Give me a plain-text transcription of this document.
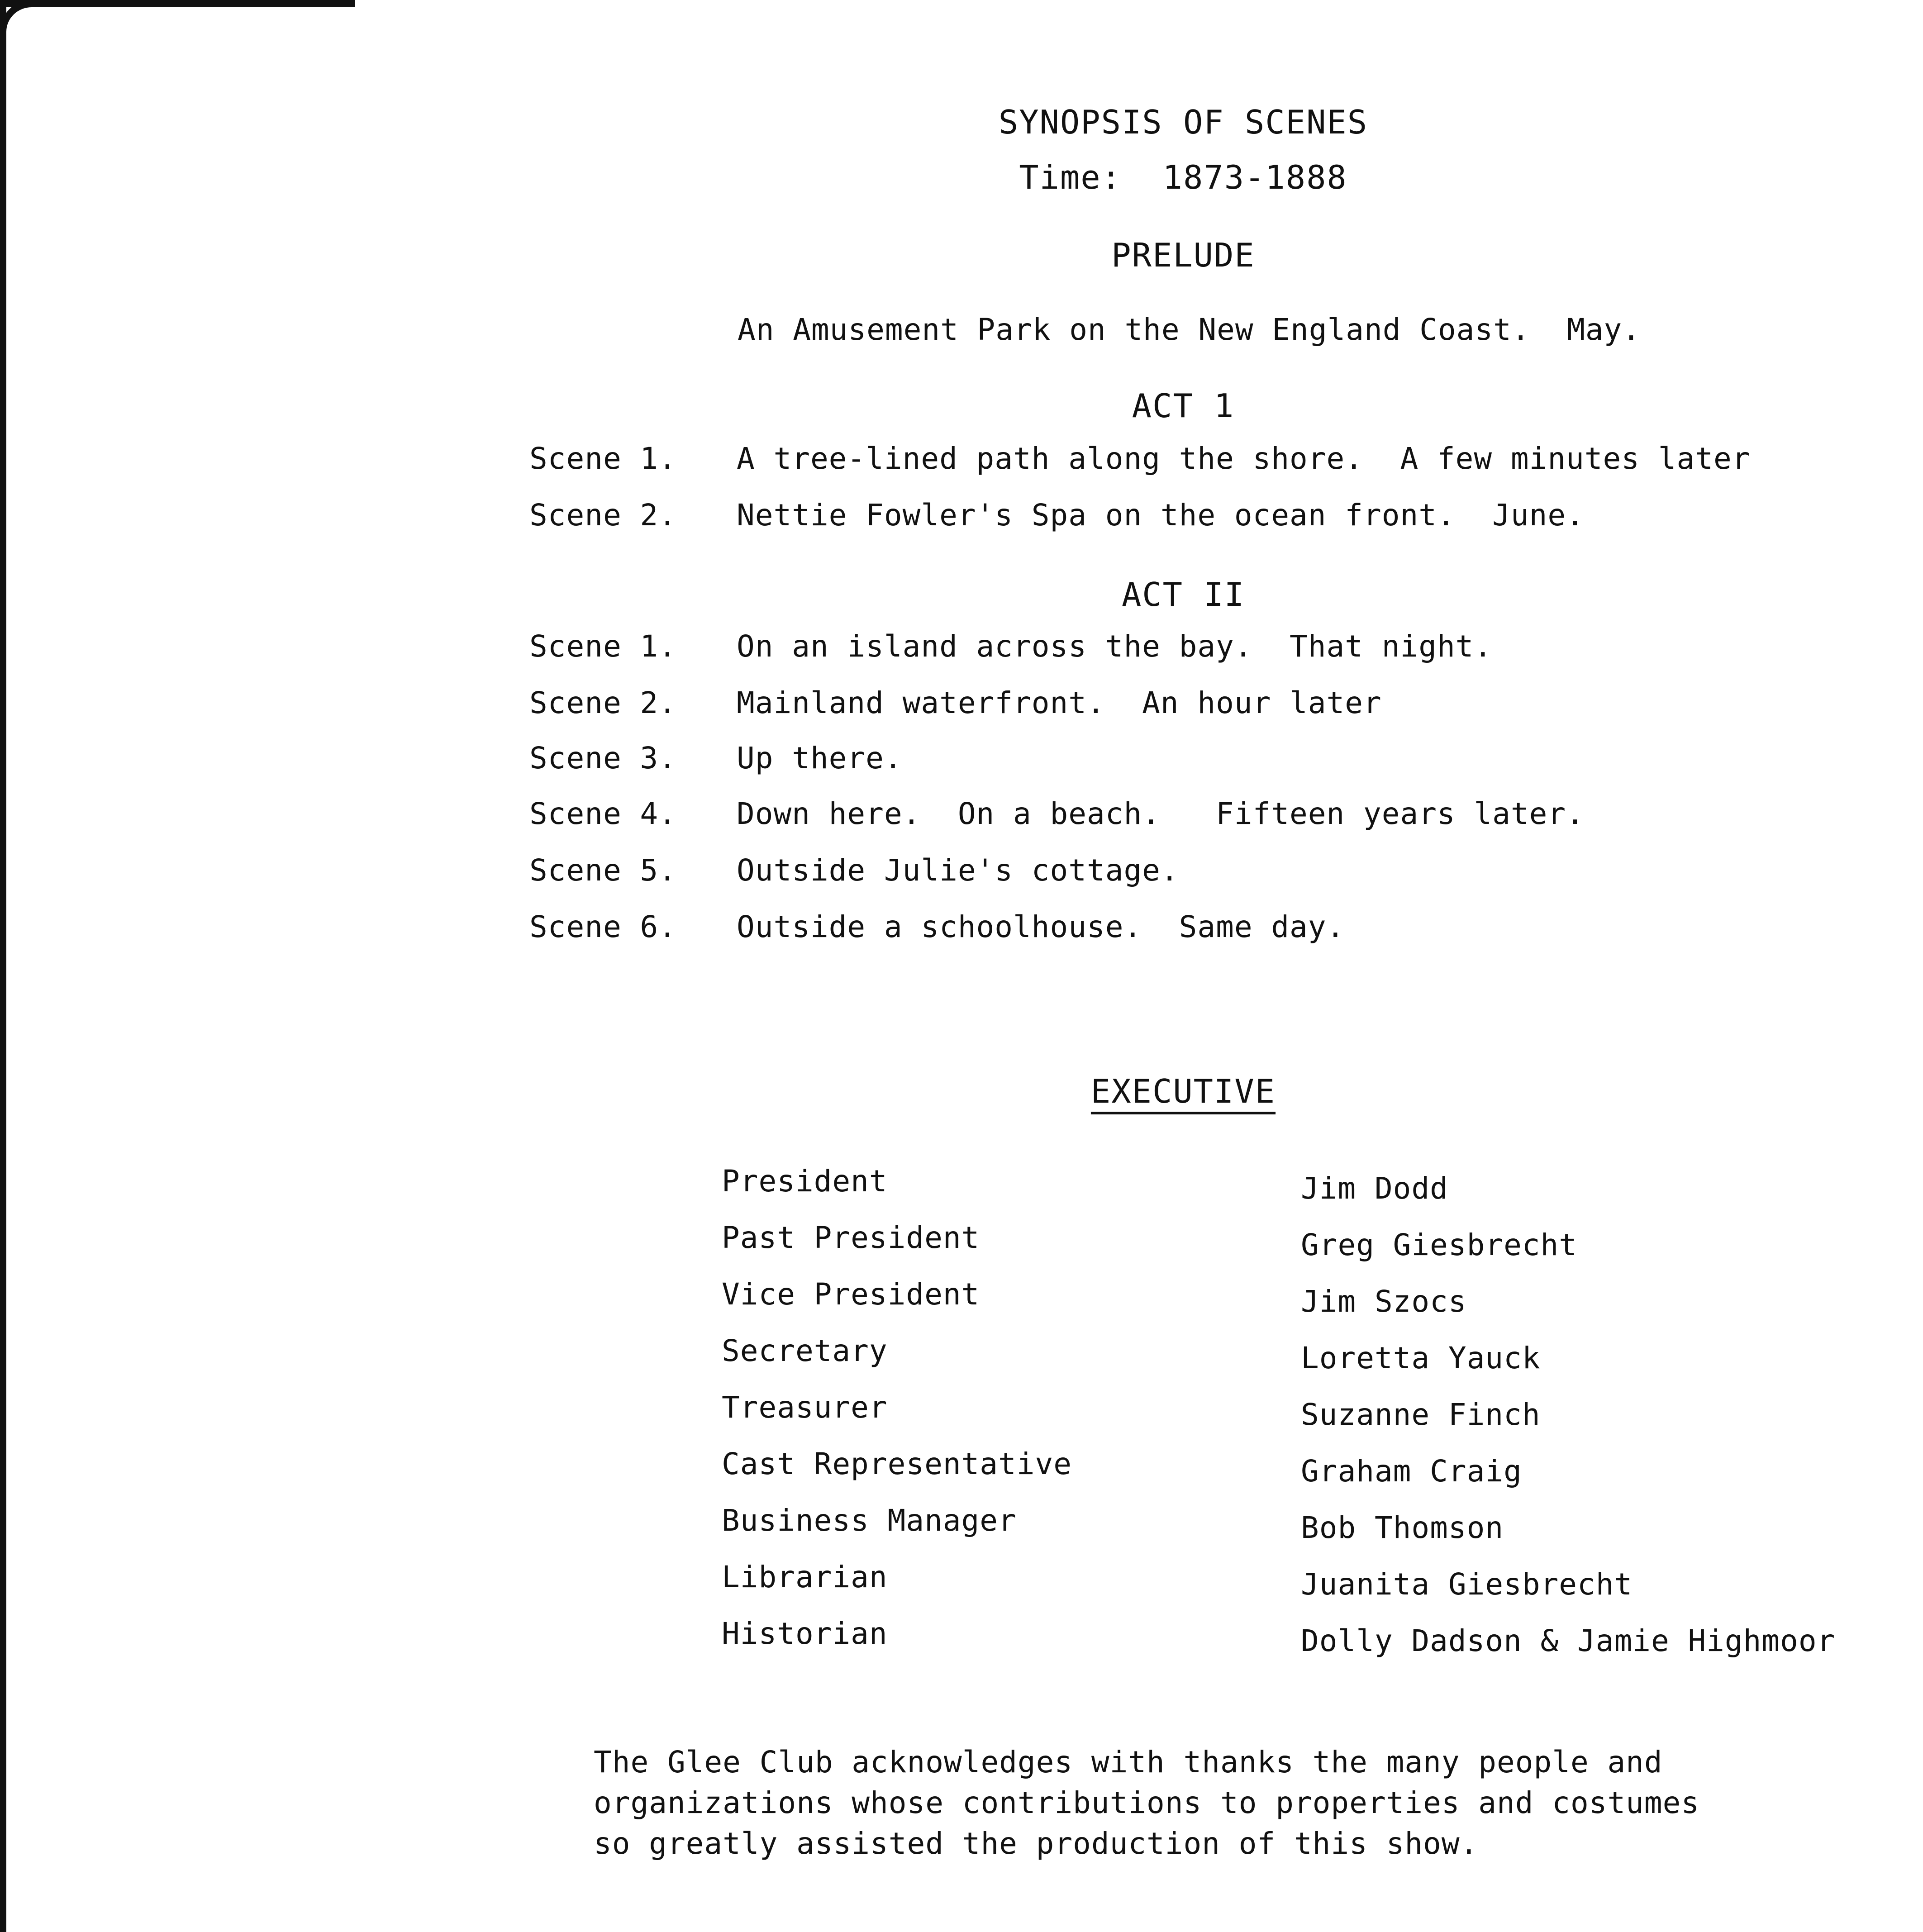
SYNOPSIS OF SCENES
Time:  1873-1888
PRELUDE
An Amusement Park on the New England Coast.  May.
ACT 1
Scene 1. A tree-lined path along the shore.  A few minutes later
Scene 2. Nettie Fowler's Spa on the ocean front.  June.
ACT II
Scene 1. On an island across the bay.  That night.
Scene 2. Mainland waterfront.  An hour later
Scene 3. Up there.
Scene 4. Down here.  On a beach.   Fifteen years later.
Scene 5. Outside Julie's cottage.
Scene 6. Outside a schoolhouse.  Same day.
EXECUTIVE
President	Jim Dodd
Past President	Greg Giesbrecht
Vice President	Jim Szocs
Secretary	Loretta Yauck
Treasurer	Suzanne Finch
Cast Representative	Graham Craig
Business Manager	Bob Thomson
Librarian	Juanita Giesbrecht
Historian	Dolly Dadson & Jamie Highmoor
The Glee Club acknowledges with thanks the many people and
organizations whose contributions to properties and costumes
so greatly assisted the production of this show.
